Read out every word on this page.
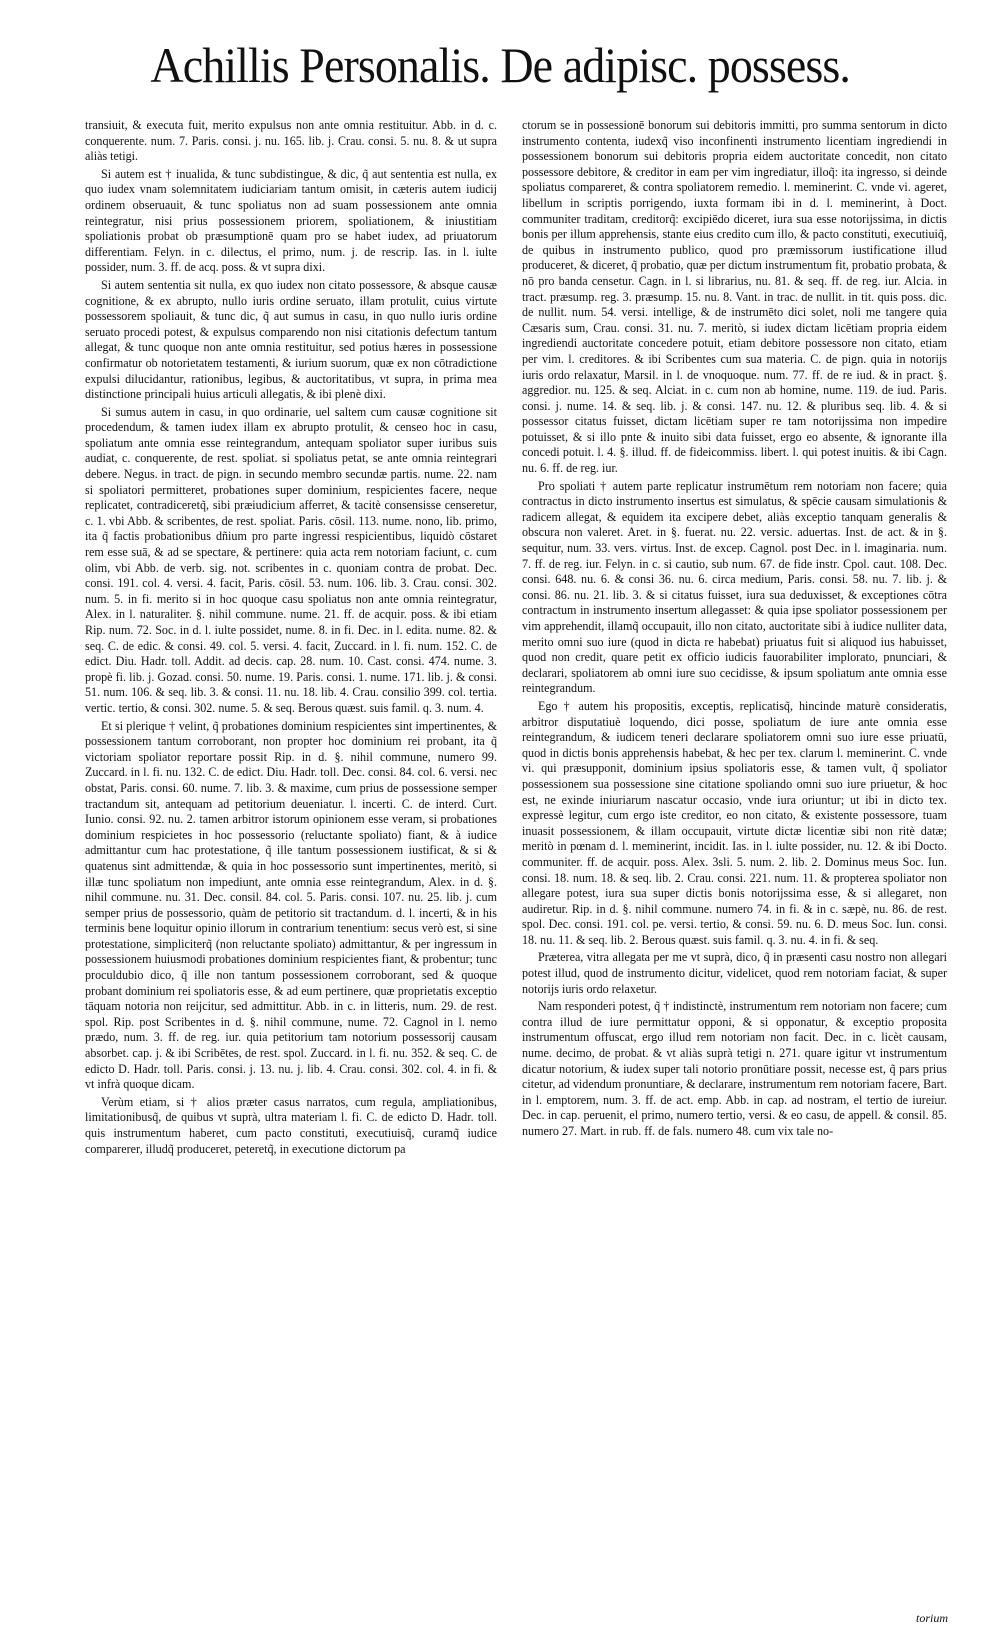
Achillis Personalis. De adipisc. possess.

transiuit, & executa fuit, merito expulsus non ante omnia restituitur. Abb. in d. c. conquerente. num. 7. Paris. consi. j. nu. 165. lib. j. Crau. consi. 5. nu. 8. & ut supra aliàs tetigi.

Si autem est † inualida, & tunc subdistingue, & dic, q̃ aut sententia est nulla, ex quo iudex vnam solemnitatem iudiciariam tantum omisit, in cæteris autem iudicij ordinem obseruauit, & tunc spoliatus non ad suam possessionem ante omnia reintegratur, nisi prius possessionem priorem, spoliationem, & iniustitiam spoliationis probat ob præsumptionē quam pro se habet iudex, ad priuatorum differentiam. Felyn. in c. dilectus, el primo, num. j. de rescrip. Ias. in l. iulte possider, num. 3. ff. de acq. poss. & vt supra dixi.

Si autem sententia sit nulla, ex quo iudex non citato possessore, & absque causæ cognitione, & ex abrupto, nullo iuris ordine seruato, illam protulit, cuius virtute possessorem spoliauit, & tunc dic, q̃ aut sumus in casu, in quo nullo iuris ordine seruato procedi potest, & expulsus comparendo non nisi citationis defectum tantum allegat, & tunc quoque non ante omnia restituitur, sed potius hæres in possessione confirmatur ob notorietatem testamenti, & iurium suorum, quæ ex non cōtradictione expulsi dilucidantur, rationibus, legibus, & auctoritatibus, vt supra, in prima mea distinctione principali huius articuli allegatis, & ibi plenè dixi.

Si sumus autem in casu, in quo ordinarie, uel saltem cum causæ cognitione sit procedendum, & tamen iudex illam ex abrupto protulit, & censeo hoc in casu, spoliatum ante omnia esse reintegrandum, antequam spoliator super iuribus suis audiat, c. conquerente, de rest. spoliat. si spoliatus petat, se ante omnia reintegrari debere. Negus. in tract. de pign. in secundo membro secundæ partis. nume. 22. nam si spoliatori permitteret, probationes super dominium, respicientes facere, neque replicatet, contradiceretq̃, sibi præiudicium afferret, & tacitè consensisse censeretur, c. 1. vbi Abb. & scribentes, de rest. spoliat. Paris. cōsil. 113. nume. nono, lib. primo, ita q̃ factis probationibus dñium pro parte ingressi respicientibus, liquidò cōstaret rem esse suā, & ad se spectare, & pertinere: quia acta rem notoriam faciunt, c. cum olim, vbi Abb. de verb. sig. not. scribentes in c. quoniam contra de probat. Dec. consi. 191. col. 4. versi. 4. facit, Paris. cōsil. 53. num. 106. lib. 3. Crau. consi. 302. num. 5. in fi. merito si in hoc quoque casu spoliatus non ante omnia reintegratur, Alex. in l. naturaliter. §. nihil commune. nume. 21. ff. de acquir. poss. & ibi etiam Rip. num. 72. Soc. in d. l. iulte possidet, nume. 8. in fi. Dec. in l. edita. nume. 82. & seq. C. de edic. & consi. 49. col. 5. versi. 4. facit, Zuccard. in l. fi. num. 152. C. de edict. Diu. Hadr. toll. Addit. ad decis. cap. 28. num. 10. Cast. consi. 474. nume. 3. propè fi. lib. j. Gozad. consi. 50. nume. 19. Paris. consi. 1. nume. 171. lib. j. & consi. 51. num. 106. & seq. lib. 3. & consi. 11. nu. 18. lib. 4. Crau. consilio 399. col. tertia. vertic. tertio, & consi. 302. nume. 5. & seq. Berous quæst. suis famil. q. 3. num. 4.

Et si plerique † velint, q̃ probationes dominium respicientes sint impertinentes, & possessionem tantum corroborant, non propter hoc dominium rei probant, ita q̃ victoriam spoliator reportare possit Rip. in d. §. nihil commune, numero 99. Zuccard. in l. fi. nu. 132. C. de edict. Diu. Hadr. toll. Dec. consi. 84. col. 6. versi. nec obstat, Paris. consi. 60. nume. 7. lib. 3. & maxime, cum prius de possessione semper tractandum sit, antequam ad petitorium deueniatur. l. incerti. C. de interd. Curt. Iunio. consi. 92. nu. 2. tamen arbitror istorum opinionem esse veram, si probationes dominium respicietes in hoc possessorio (reluctante spoliato) fiant, & à iudice admittantur cum hac protestatione, q̃ ille tantum possessionem iustificat, & si & quatenus sint admittendæ, & quia in hoc possessorio sunt impertinentes, meritò, si illæ tunc spoliatum non impediunt, ante omnia esse reintegrandum, Alex. in d. §. nihil commune. nu. 31. Dec. consil. 84. col. 5. Paris. consi. 107. nu. 25. lib. j. cum semper prius de possessorio, quàm de petitorio sit tractandum. d. l. incerti, & in his terminis bene loquitur opinio illorum in contrarium tenentium: secus verò est, si sine protestatione, simpliciterq̃ (non reluctante spoliato) admittantur, & per ingressum in possessionem huiusmodi probationes dominium respicientes fiant, & probentur; tunc proculdubio dico, q̃ ille non tantum possessionem corroborant, sed & quoque probant dominium rei spoliatoris esse, & ad eum pertinere, quæ proprietatis exceptio tāquam notoria non reijcitur, sed admittitur. Abb. in c. in litteris, num. 29. de rest. spol. Rip. post Scribentes in d. §. nihil commune, nume. 72. Cagnol in l. nemo prædo, num. 3. ff. de reg. iur. quia petitorium tam notorium possessorij causam absorbet. cap. j. & ibi Scribētes, de rest. spol. Zuccard. in l. fi. nu. 352. & seq. C. de edicto D. Hadr. toll. Paris. consi. j. 13. nu. j. lib. 4. Crau. consi. 302. col. 4. in fi. & vt infrà quoque dicam.

Verùm etiam, si † alios præter casus narratos, cum regula, ampliationibus, limitationibusq̃, de quibus vt suprà, ultra materiam l. fi. C. de edicto D. Hadr. toll. quis instrumentum haberet, cum pacto constituti, executiuisq̃, curamq̃ iudice comparerer, illudq̃ produceret, peteretq̃, in executione dictorum pa

ctorum se in possessionē bonorum sui debitoris immitti, pro summa sentorum in dicto instrumento contenta, iudexq̃ viso inconfinenti instrumento licentiam ingrediendi in possessionem bonorum sui debitoris propria eidem auctoritate concedit, non citato possessore debitore, & creditor in eam per vim ingrediatur, illoq̃: ita ingresso, si deinde spoliatus compareret, & contra spoliatorem remedio. l. meminerint. C. vnde vi. ageret, libellum in scriptis porrigendo, iuxta formam ibi in d. l. meminerint, à Doct. communiter traditam, creditorq̃: excipiēdo diceret, iura sua esse notorijssima, in dictis bonis per illum apprehensis, stante eius credito cum illo, & pacto constituti, executiuiq̃, de quibus in instrumento publico, quod pro præmissorum iustificatione illud produceret, & diceret, q̃ probatio, quæ per dictum instrumentum fit, probatio probata, & nō pro banda censetur. Cagn. in l. si librarius, nu. 81. & seq. ff. de reg. iur. Alcia. in tract. præsump. reg. 3. præsump. 15. nu. 8. Vant. in trac. de nullit. in tit. quis poss. dic. de nullit. num. 54. versi. intellige, & de instrumēto dici solet, noli me tangere quia Cæsaris sum, Crau. consi. 31. nu. 7. meritò, si iudex dictam licētiam propria eidem ingrediendi auctoritate concedere potuit, etiam debitore possessore non citato, etiam per vim. l. creditores. & ibi Scribentes cum sua materia. C. de pign. quia in notorijs iuris ordo relaxatur, Marsil. in l. de vnoquoque. num. 77. ff. de re iud. & in pract. §. aggredior. nu. 125. & seq. Alciat. in c. cum non ab homine, nume. 119. de iud. Paris. consi. j. nume. 14. & seq. lib. j. & consi. 147. nu. 12. & pluribus seq. lib. 4. & si possessor citatus fuisset, dictam licētiam super re tam notorijssima non impedire potuisset, & si illo pnte & inuito sibi data fuisset, ergo eo absente, & ignorante illa concedi potuit. l. 4. §. illud. ff. de fideicommiss. libert. l. qui potest inuitis. & ibi Cagn. nu. 6. ff. de reg. iur.

Pro spoliati † autem parte replicatur instrumētum rem notoriam non facere; quia contractus in dicto instrumento insertus est simulatus, & spēcie causam simulationis & radicem allegat, & equidem ita excipere debet, aliàs exceptio tanquam generalis & obscura non valeret. Aret. in §. fuerat. nu. 22. versic. aduertas. Inst. de act. & in §. sequitur, num. 33. vers. virtus. Inst. de excep. Cagnol. post Dec. in l. imaginaria. num. 7. ff. de reg. iur. Felyn. in c. si cautio, sub num. 67. de fide instr. Cpol. caut. 108. Dec. consi. 648. nu. 6. & consi 36. nu. 6. circa medium, Paris. consi. 58. nu. 7. lib. j. & consi. 86. nu. 21. lib. 3. & si citatus fuisset, iura sua deduxisset, & exceptiones cōtra contractum in instrumento insertum allegasset: & quia ipse spoliator possessionem per vim apprehendit, illamq̃ occupauit, illo non citato, auctoritate sibi à iudice nulliter data, merito omni suo iure (quod in dicta re habebat) priuatus fuit si aliquod ius habuisset, quod non credit, quare petit ex officio iudicis fauorabiliter implorato, pnunciari, & declarari, spoliatorem ab omni iure suo cecidisse, & ipsum spoliatum ante omnia esse reintegrandum.

Ego † autem his propositis, exceptis, replicatisq̃, hincinde maturè consideratis, arbitror disputatiuè loquendo, dici posse, spoliatum de iure ante omnia esse reintegrandum, & iudicem teneri declarare spoliatorem omni suo iure esse priuatū, quod in dictis bonis apprehensis habebat, & hec per tex. clarum l. meminerint. C. vnde vi. qui præsupponit, dominium ipsius spoliatoris esse, & tamen vult, q̃ spoliator possessionem sua possessione sine citatione spoliando omni suo iure priuetur, & hoc est, ne exinde iniuriarum nascatur occasio, vnde iura oriuntur; ut ibi in dicto tex. expressè legitur, cum ergo iste creditor, eo non citato, & existente possessore, tuam inuasit possessionem, & illam occupauit, virtute dictæ licentiæ sibi non ritè datæ; meritò in pœnam d. l. meminerint, incidit. Ias. in l. iulte possider, nu. 12. & ibi Docto. communiter. ff. de acquir. poss. Alex. 3sli. 5. num. 2. lib. 2. Dominus meus Soc. Iun. consi. 18. num. 18. & seq. lib. 2. Crau. consi. 221. num. 11. & propterea spoliator non allegare potest, iura sua super dictis bonis notorijssima esse, & si allegaret, non audiretur. Rip. in d. §. nihil commune. numero 74. in fi. & in c. sæpè, nu. 86. de rest. spol. Dec. consi. 191. col. pe. versi. tertio, & consi. 59. nu. 6. D. meus Soc. Iun. consi. 18. nu. 11. & seq. lib. 2. Berous quæst. suis famil. q. 3. nu. 4. in fi. & seq.

Præterea, vitra allegata per me vt suprà, dico, q̃ in præsenti casu nostro non allegari potest illud, quod de instrumento dicitur, videlicet, quod rem notoriam faciat, & super notorijs iuris ordo relaxetur.

Nam responderi potest, q̃ † indistinctè, instrumentum rem notoriam non facere; cum contra illud de iure permittatur opponi, & si opponatur, & exceptio proposita instrumentum offuscat, ergo illud rem notoriam non facit. Dec. in c. licèt causam, nume. decimo, de probat. & vt aliàs suprà tetigi n. 271. quare igitur vt instrumentum dicatur notorium, & iudex super tali notorio pronūtiare possit, necesse est, q̃ pars prius citetur, ad videndum pronuntiare, & declarare, instrumentum rem notoriam facere, Bart. in l. emptorem, num. 3. ff. de act. emp. Abb. in cap. ad nostram, el tertio de iureiur. Dec. in cap. peruenit, el primo, numero tertio, versi. & eo casu, de appell. & consil. 85. numero 27. Mart. in rub. ff. de fals. numero 48. cum vix tale no-

torium
